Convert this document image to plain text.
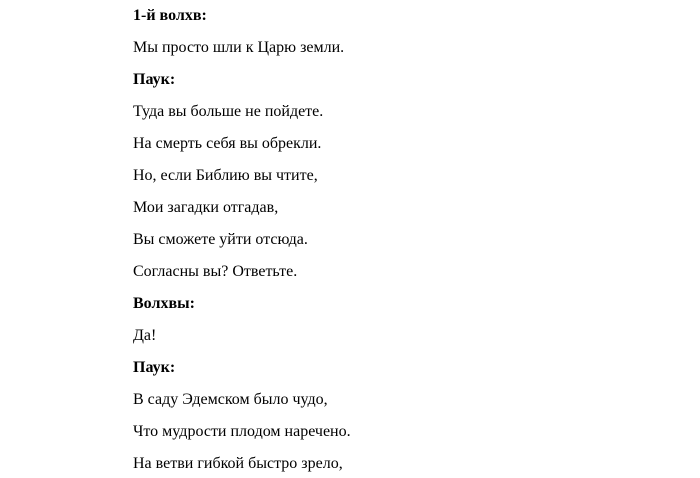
1-й волхв:

Мы просто шли к Царю земли.

Паук:

Туда вы больше не пойдете.

На смерть себя вы обрекли.

Но, если Библию вы чтите,

Мои загадки отгадав,

Вы сможете уйти отсюда.

Согласны вы? Ответьте.

Волхвы:

Да!

Паук:

В саду Эдемском было чудо,

Что мудрости плодом наречено.

На ветви гибкой быстро зрело,
